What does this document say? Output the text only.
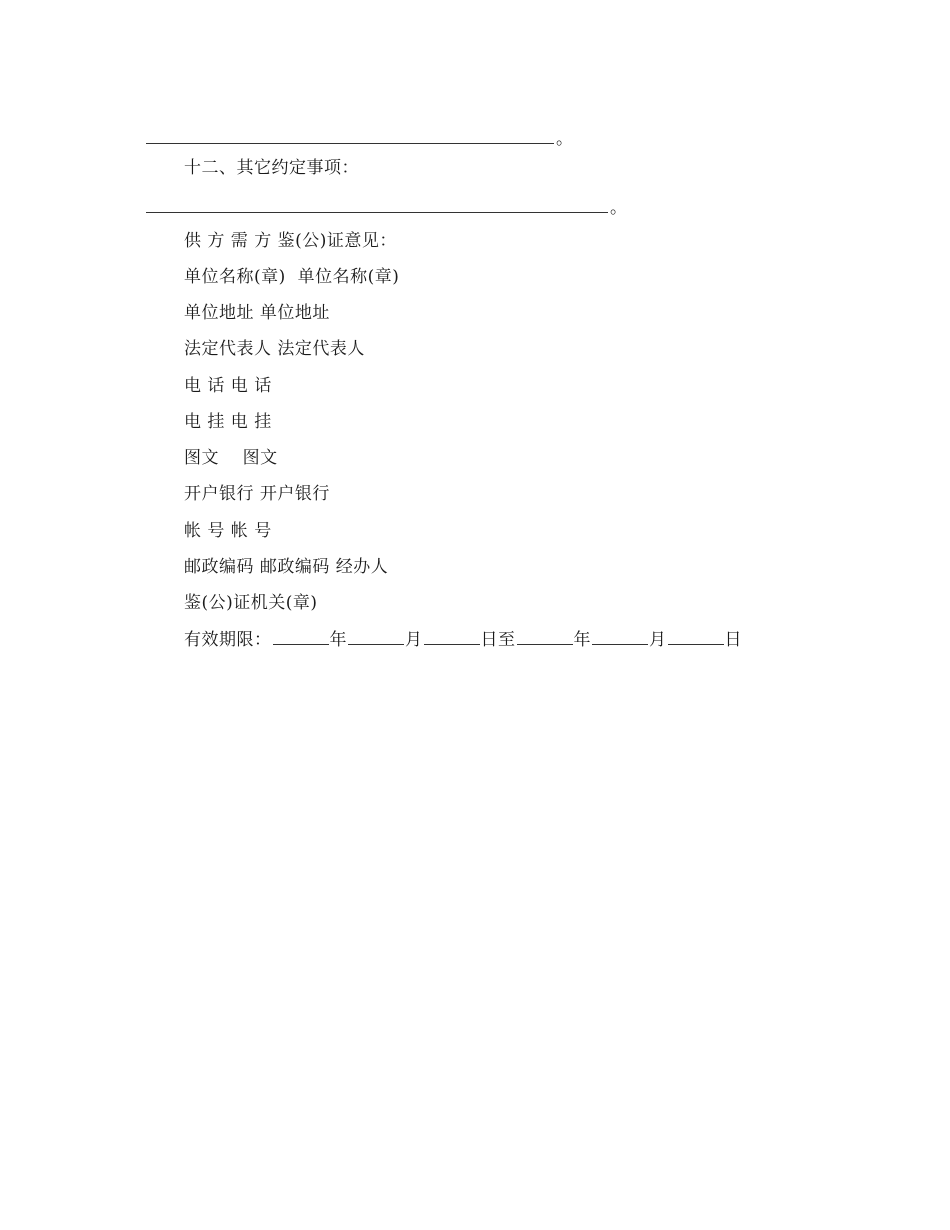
。
十二、其它约定事项：
。
供 方 需 方 鉴(公)证意见：
单位名称(章)  单位名称(章)
单位地址 单位地址
法定代表人 法定代表人
电 话 电 话
电 挂 电 挂
图文    图文
开户银行 开户银行
帐 号 帐 号
邮政编码 邮政编码 经办人
鉴(公)证机关(章)
有效期限：	年	月	日至	年	月	日
